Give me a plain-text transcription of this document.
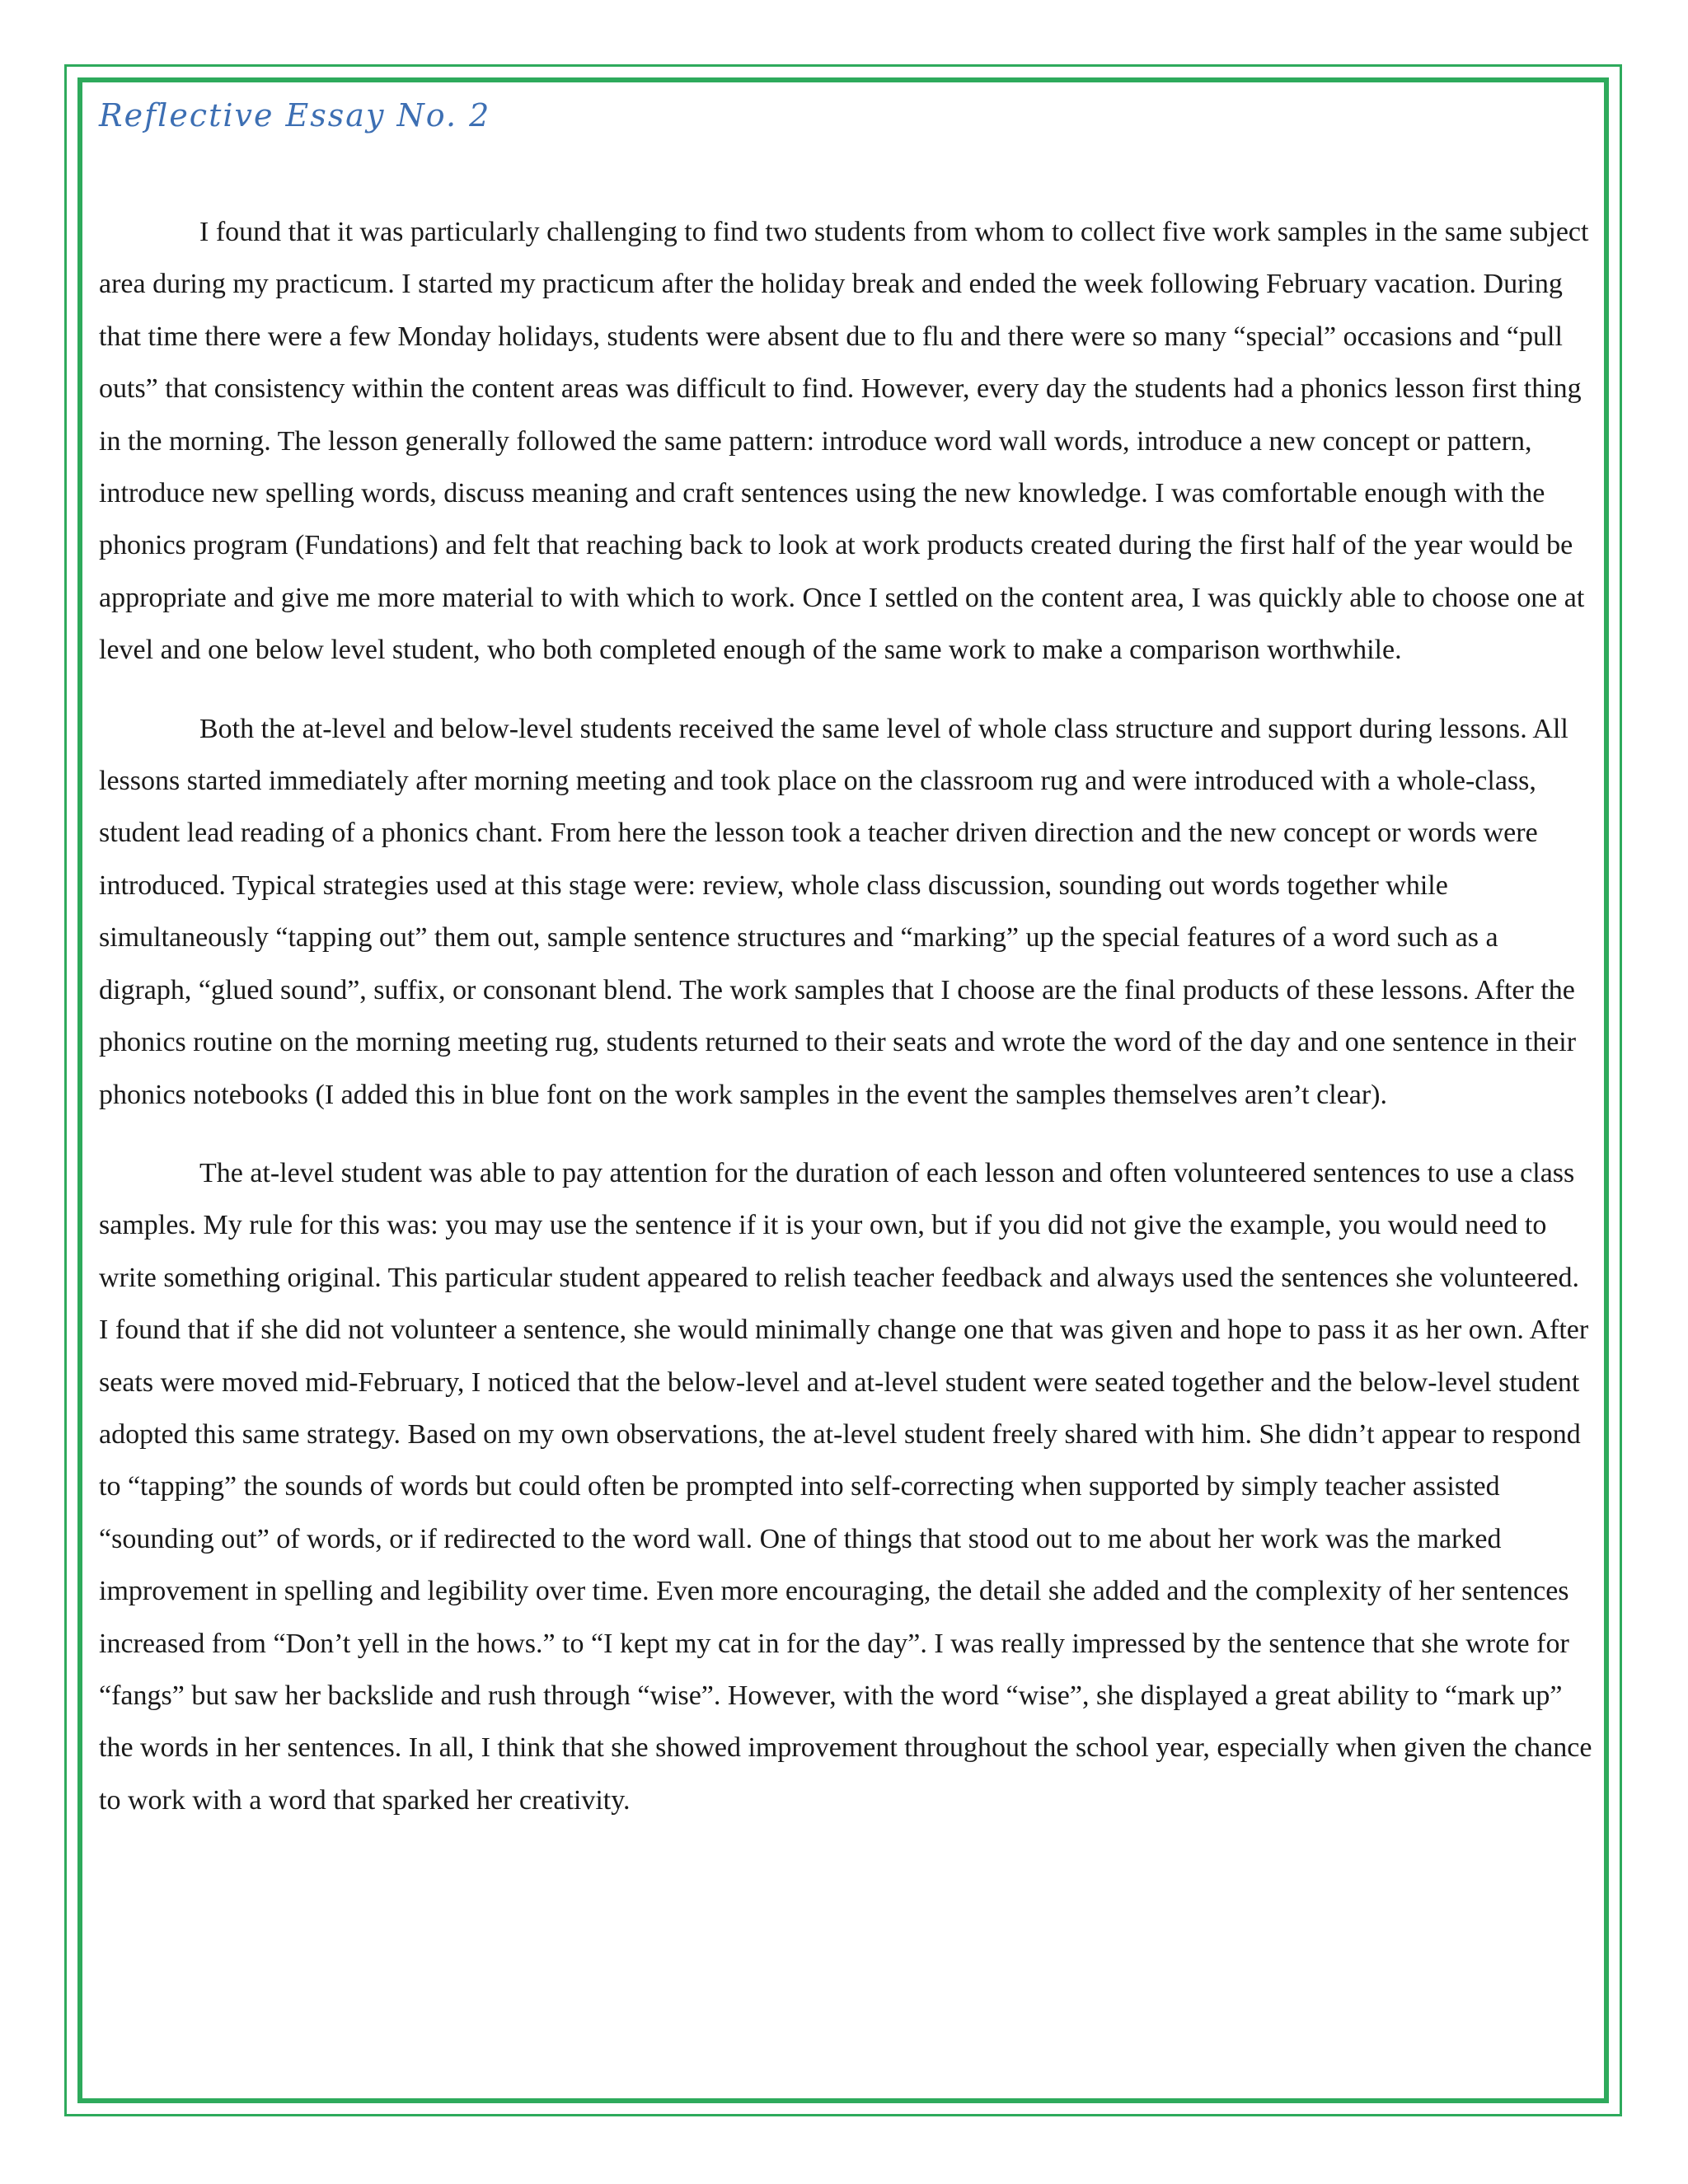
Reflective Essay No. 2

I found that it was particularly challenging to find two students from whom to collect five work samples in the same subject area during my practicum. I started my practicum after the holiday break and ended the week following February vacation. During that time there were a few Monday holidays, students were absent due to flu and there were so many “special” occasions and “pull outs” that consistency within the content areas was difficult to find. However, every day the students had a phonics lesson first thing in the morning. The lesson generally followed the same pattern: introduce word wall words, introduce a new concept or pattern, introduce new spelling words, discuss meaning and craft sentences using the new knowledge. I was comfortable enough with the phonics program (Fundations) and felt that reaching back to look at work products created during the first half of the year would be appropriate and give me more material to with which to work. Once I settled on the content area, I was quickly able to choose one at level and one below level student, who both completed enough of the same work to make a comparison worthwhile.

Both the at-level and below-level students received the same level of whole class structure and support during lessons. All lessons started immediately after morning meeting and took place on the classroom rug and were introduced with a whole-class, student lead reading of a phonics chant. From here the lesson took a teacher driven direction and the new concept or words were introduced. Typical strategies used at this stage were: review, whole class discussion, sounding out words together while simultaneously “tapping out” them out, sample sentence structures and “marking” up the special features of a word such as a digraph, “glued sound”, suffix, or consonant blend. The work samples that I choose are the final products of these lessons. After the phonics routine on the morning meeting rug, students returned to their seats and wrote the word of the day and one sentence in their phonics notebooks (I added this in blue font on the work samples in the event the samples themselves aren’t clear).

The at-level student was able to pay attention for the duration of each lesson and often volunteered sentences to use a class samples. My rule for this was: you may use the sentence if it is your own, but if you did not give the example, you would need to write something original. This particular student appeared to relish teacher feedback and always used the sentences she volunteered. I found that if she did not volunteer a sentence, she would minimally change one that was given and hope to pass it as her own. After seats were moved mid-February, I noticed that the below-level and at-level student were seated together and the below-level student adopted this same strategy. Based on my own observations, the at-level student freely shared with him. She didn’t appear to respond to “tapping” the sounds of words but could often be prompted into self-correcting when supported by simply teacher assisted “sounding out” of words, or if redirected to the word wall. One of things that stood out to me about her work was the marked improvement in spelling and legibility over time. Even more encouraging, the detail she added and the complexity of her sentences increased from “Don’t yell in the hows.” to “I kept my cat in for the day”. I was really impressed by the sentence that she wrote for “fangs” but saw her backslide and rush through “wise”. However, with the word “wise”, she displayed a great ability to “mark up” the words in her sentences. In all, I think that she showed improvement throughout the school year, especially when given the chance to work with a word that sparked her creativity.
